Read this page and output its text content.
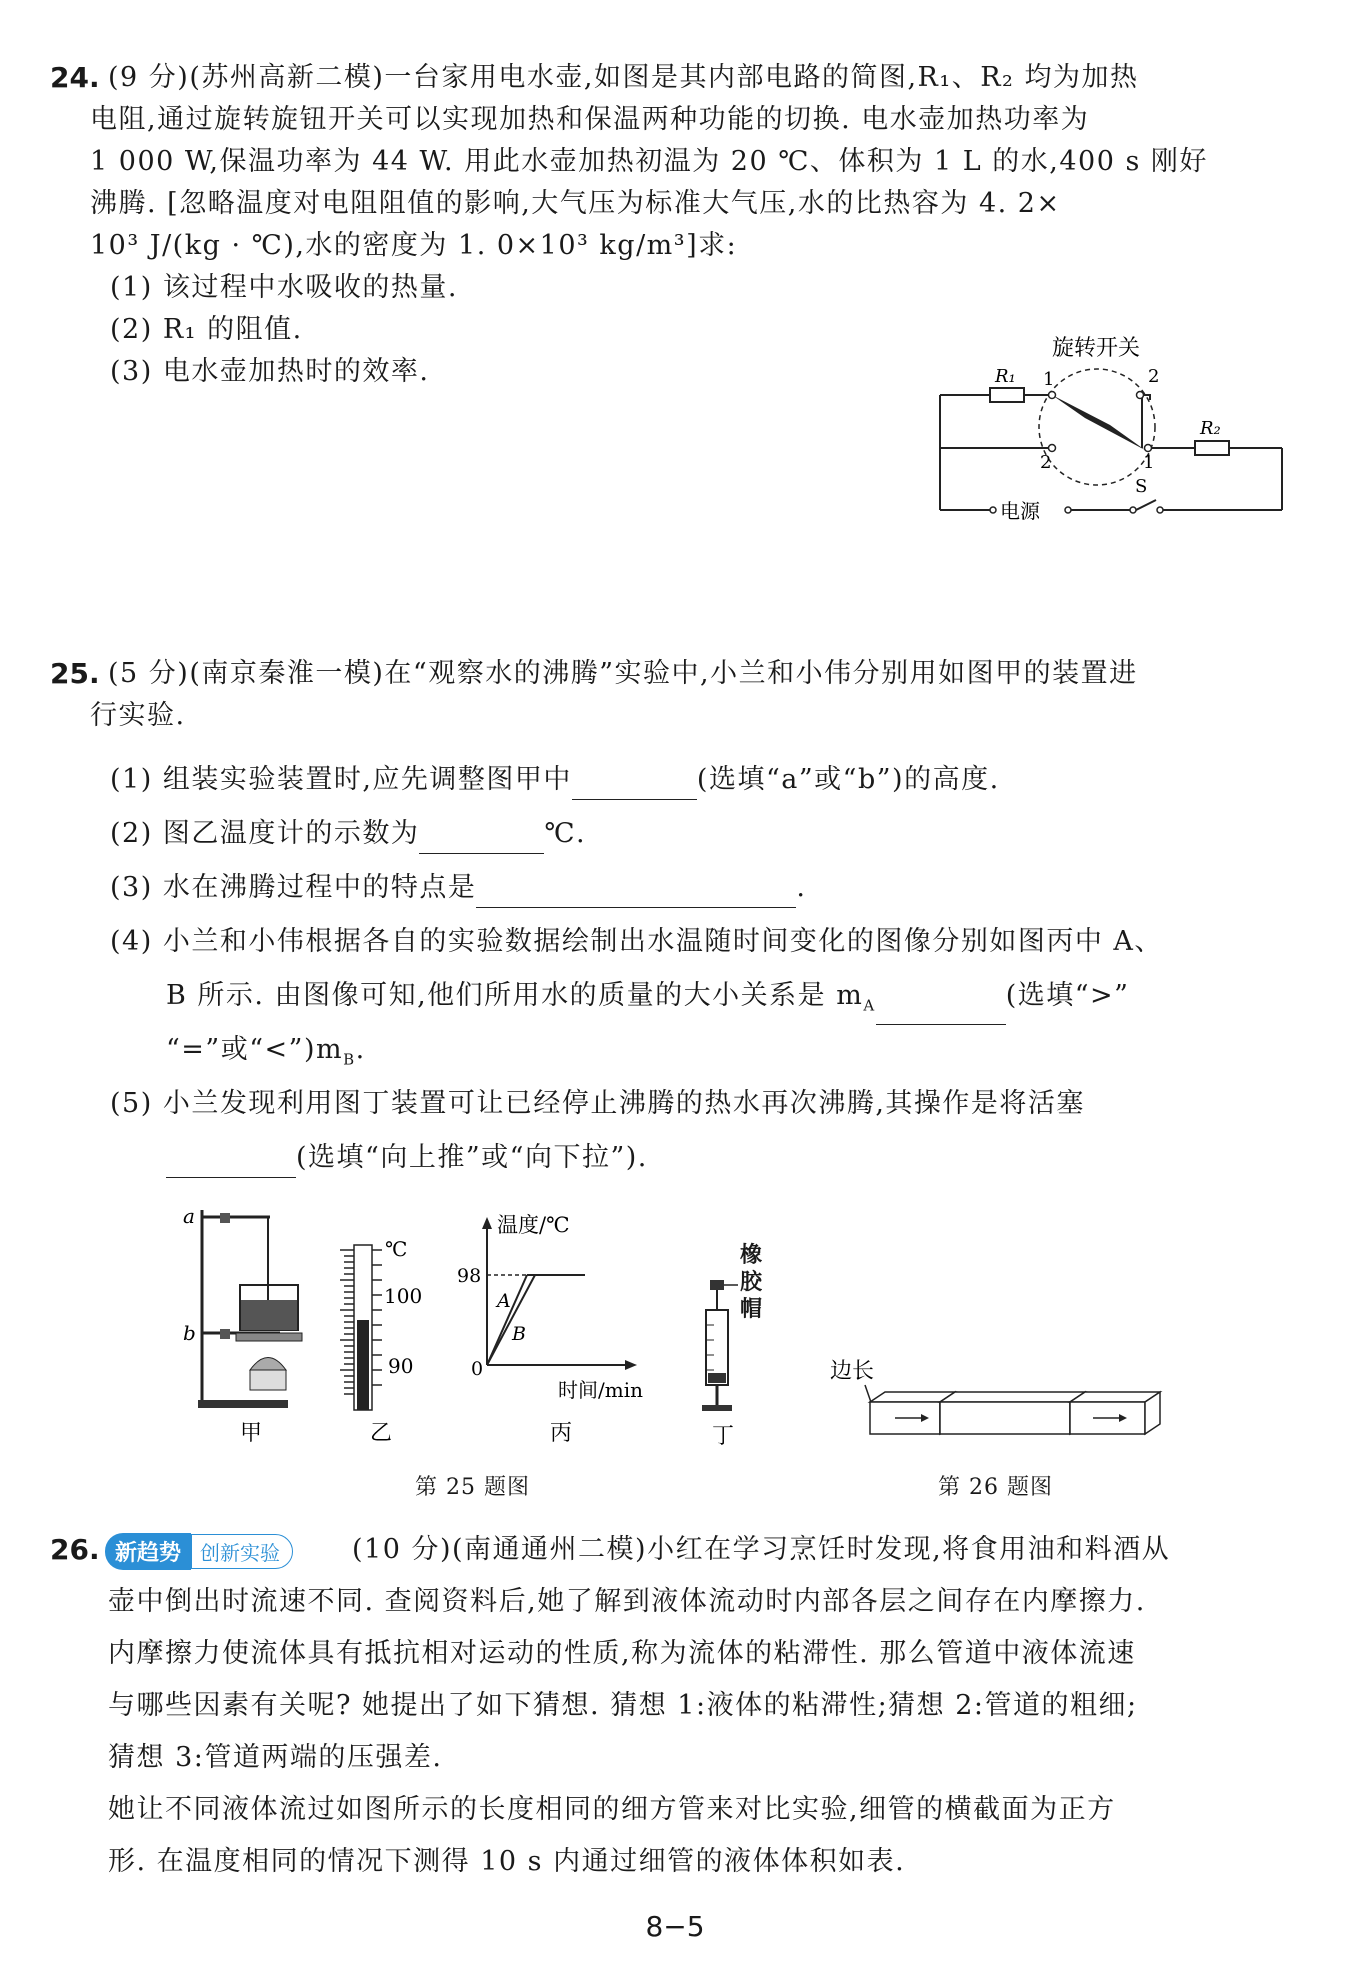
24. (9 分)(苏州高新二模)一台家用电水壶,如图是其内部电路的简图,R₁、R₂ 均为加热
电阻,通过旋转旋钮开关可以实现加热和保温两种功能的切换. 电水壶加热功率为
1 000 W,保温功率为 44 W. 用此水壶加热初温为 20 ℃、体积为 1 L 的水,400 s 刚好
沸腾. [忽略温度对电阻阻值的影响,大气压为标准大气压,水的比热容为 4. 2×
10³ J/(kg · ℃),水的密度为 1. 0×10³ kg/m³]求:
(1) 该过程中水吸收的热量.
(2) R₁ 的阻值.
(3) 电水壶加热时的效率.
旋转开关
1	2
2	1
R₁
R₂
电源
S
25. (5 分)(南京秦淮一模)在“观察水的沸腾”实验中,小兰和小伟分别用如图甲的装置进
行实验.
(1) 组装实验装置时,应先调整图甲中	(选填“a”或“b”)的高度.
(2) 图乙温度计的示数为	℃.
(3) 水在沸腾过程中的特点是	.
(4) 小兰和小伟根据各自的实验数据绘制出水温随时间变化的图像分别如图丙中 A、
B 所示. 由图像可知,他们所用水的质量的大小关系是 $m_A$	(选填“>”
“=”或“$<”)m_B$.
(5) 小兰发现利用图丁装置可让已经停止沸腾的热水再次沸腾,其操作是将活塞
(选填“向上推”或“向下拉”).
a
b
甲
℃
100
90
乙
温度/℃
98
0
A
B
时间/min
丙	丁
橡胶帽
第 25 题图
边长
第 26 题图
26. 新趋势 创新实验	(10 分)(南通通州二模)小红在学习烹饪时发现,将食用油和料酒从
壶中倒出时流速不同. 查阅资料后,她了解到液体流动时内部各层之间存在内摩擦力.
内摩擦力使流体具有抵抗相对运动的性质,称为流体的粘滞性. 那么管道中液体流速
与哪些因素有关呢? 她提出了如下猜想. 猜想 1:液体的粘滞性;猜想 2:管道的粗细;
猜想 3:管道两端的压强差.
她让不同液体流过如图所示的长度相同的细方管来对比实验,细管的横截面为正方
形. 在温度相同的情况下测得 10 s 内通过细管的液体体积如表.
8−5
